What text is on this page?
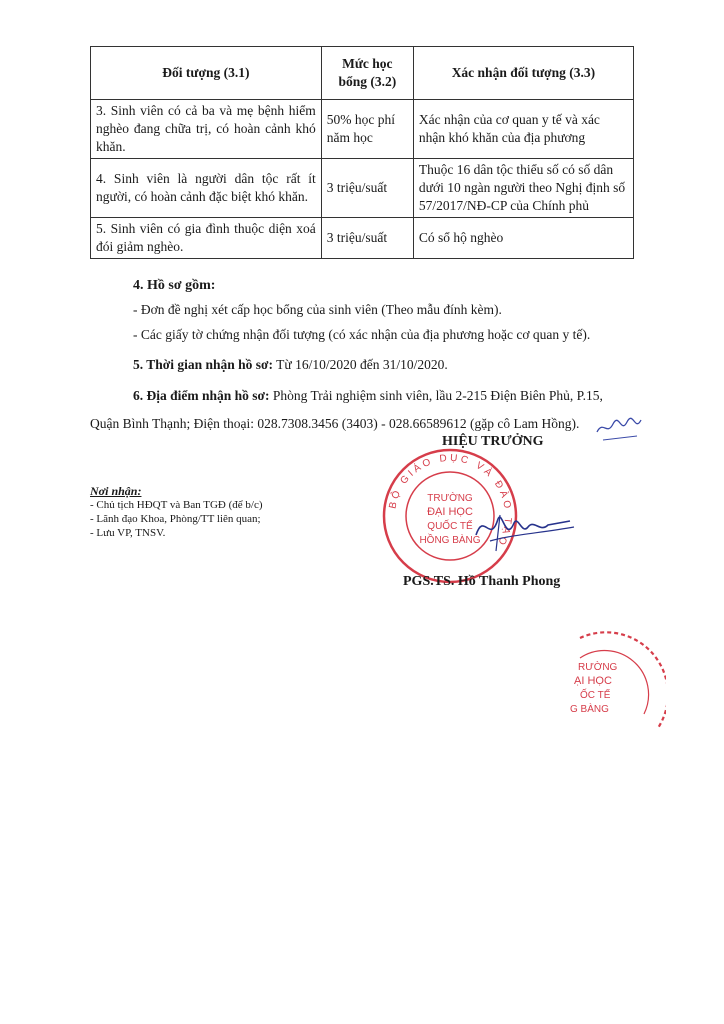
Đối tượng (3.1)	Mức học bổng (3.2)	Xác nhận đối tượng (3.3)
3. Sinh viên có cả ba và mẹ bệnh hiểm nghèo đang chữa trị, có hoàn cảnh khó khăn.	50% học phí năm học	Xác nhận của cơ quan y tế và xác nhận khó khăn của địa phương
4. Sinh viên là người dân tộc rất ít người, có hoàn cảnh đặc biệt khó khăn.	3 triệu/suất	Thuộc 16 dân tộc thiểu số có số dân dưới 10 ngàn người theo Nghị định số 57/2017/NĐ-CP của Chính phủ
5. Sinh viên có gia đình thuộc diện xoá đói giảm nghèo.	3 triệu/suất	Có sổ hộ nghèo
4. Hồ sơ gồm:
- Đơn đề nghị xét cấp học bổng của sinh viên (Theo mẫu đính kèm).
- Các giấy tờ chứng nhận đối tượng (có xác nhận của địa phương hoặc cơ quan y tế).
5. Thời gian nhận hồ sơ: Từ 16/10/2020 đến 31/10/2020.
6. Địa điểm nhận hồ sơ: Phòng Trải nghiệm sinh viên, lầu 2-215 Điện Biên Phủ, P.15,
Quận Bình Thạnh; Điện thoại: 028.7308.3456 (3403) - 028.66589612 (gặp cô Lam Hồng).
Nơi nhận:
- Chủ tịch HĐQT và Ban TGĐ (để b/c)
- Lãnh đạo Khoa, Phòng/TT liên quan;
- Lưu VP, TNSV.
BỘ GIÁO DỤC VÀ ĐÀO TẠO
TRƯỜNG
ĐẠI HỌC
QUỐC TẾ
HỒNG BÀNG
HIỆU TRƯỞNG
PGS.TS. Hồ Thanh Phong
RƯỜNG
ẠI HỌC
ỐC TẾ
G BÀNG
